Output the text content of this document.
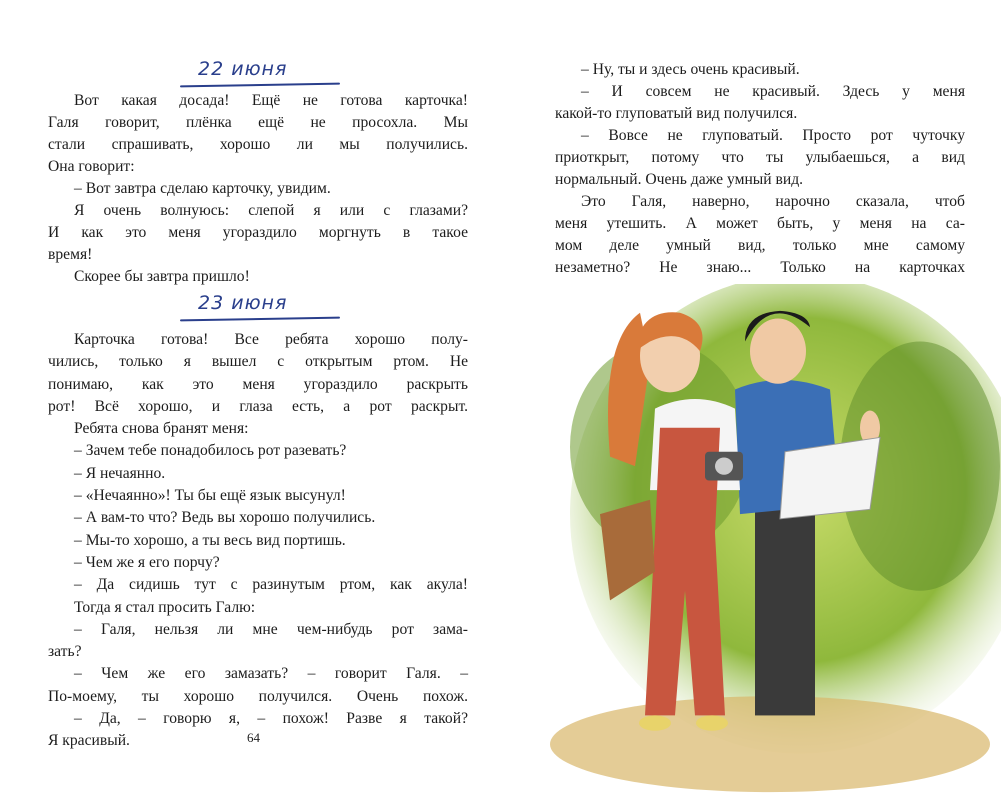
22 июня
Вот какая досада! Ещё не готова карточка!
Галя говорит, плёнка ещё не просохла. Мы
стали спрашивать, хорошо ли мы получились.
Она говорит:
– Вот завтра сделаю карточку, увидим.
Я очень волнуюсь: слепой я или с глазами?
И как это меня угораздило моргнуть в такое
время!
Скорее бы завтра пришло!
23 июня
Карточка готова! Все ребята хорошо полу-
чились, только я вышел с открытым ртом. Не
понимаю, как это меня угораздило раскрыть
рот! Всё хорошо, и глаза есть, а рот раскрыт.
Ребята снова бранят меня:
– Зачем тебе понадобилось рот разевать?
– Я нечаянно.
– «Нечаянно»! Ты бы ещё язык высунул!
– А вам-то что? Ведь вы хорошо получились.
– Мы-то хорошо, а ты весь вид портишь.
– Чем же я его порчу?
– Да сидишь тут с разинутым ртом, как акула!
Тогда я стал просить Галю:
– Галя, нельзя ли мне чем-нибудь рот зама-
зать?
– Чем же его замазать? – говорит Галя. –
По-моему, ты хорошо получился. Очень похож.
– Да, – говорю я, – похож! Разве я такой?
Я красивый.	64
– Ну, ты и здесь очень красивый.
– И совсем не красивый. Здесь у меня
какой-то глуповатый вид получился.
– Вовсе не глуповатый. Просто рот чуточку
приоткрыт, потому что ты улыбаешься, а вид
нормальный. Очень даже умный вид.
Это Галя, наверно, нарочно сказала, чтоб
меня утешить. А может быть, у меня на са-
мом деле умный вид, только мне самому
незаметно? Не знаю... Только на карточках
